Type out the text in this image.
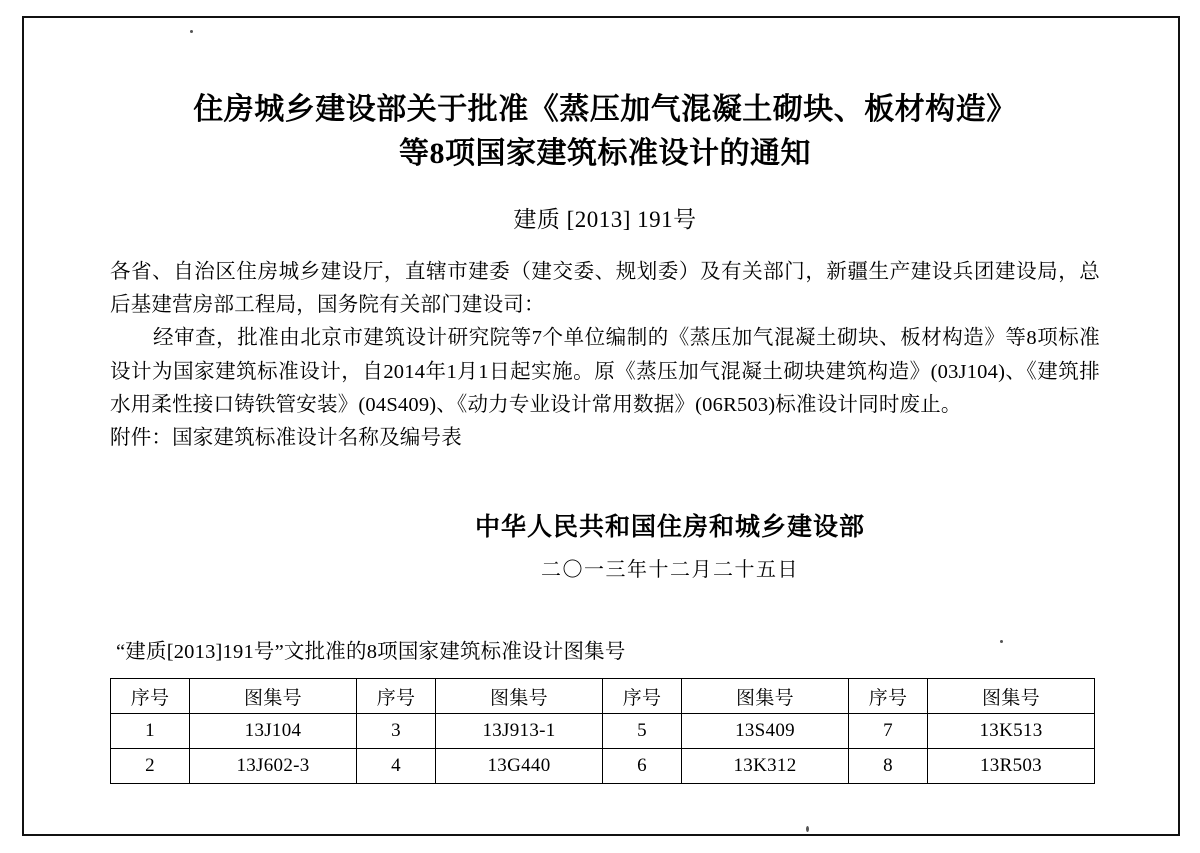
住房城乡建设部关于批准《蒸压加气混凝土砌块、板材构造》
等8项国家建筑标准设计的通知
建质 [2013] 191号

各省、自治区住房城乡建设厅，直辖市建委（建交委、规划委）及有关部门，新疆生产建设兵团建设局，总后基建营房部工程局，国务院有关部门建设司：

经审查，批准由北京市建筑设计研究院等7个单位编制的《蒸压加气混凝土砌块、板材构造》等8项标准设计为国家建筑标准设计，自2014年1月1日起实施。原《蒸压加气混凝土砌块建筑构造》(03J104)、《建筑排水用柔性接口铸铁管安装》(04S409)、《动力专业设计常用数据》(06R503)标准设计同时废止。

附件：国家建筑标准设计名称及编号表

中华人民共和国住房和城乡建设部
二〇一三年十二月二十五日
“建质[2013]191号”文批准的8项国家建筑标准设计图集号
序号	图集号	序号	图集号	序号	图集号	序号	图集号
1	13J104	3	13J913-1	5	13S409	7	13K513
2	13J602-3	4	13G440	6	13K312	8	13R503
